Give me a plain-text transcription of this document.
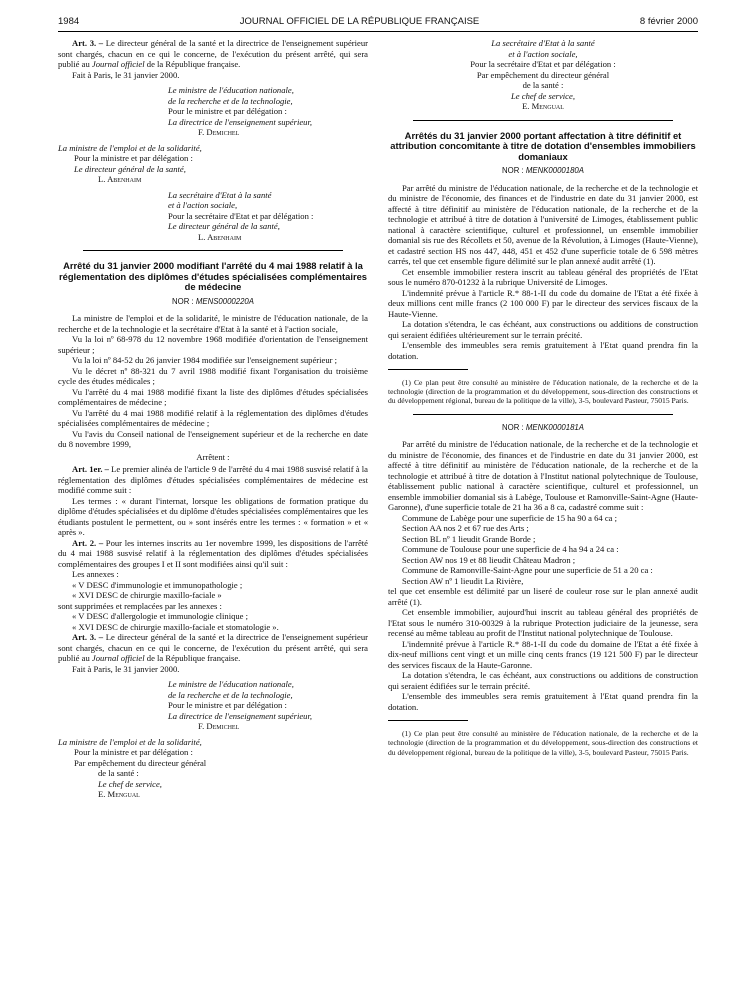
1984	JOURNAL OFFICIEL DE LA RÉPUBLIQUE FRANÇAISE	8 février 2000

Art. 3. – Le directeur général de la santé et la directrice de l'enseignement supérieur sont chargés, chacun en ce qui le concerne, de l'exécution du présent arrêté, qui sera publié au Journal officiel de la République française.

Fait à Paris, le 31 janvier 2000.

Le ministre de l'éducation nationale,

de la recherche et de la technologie,

Pour le ministre et par délégation :

La directrice de l'enseignement supérieur,

F. Demichel

La ministre de l'emploi et de la solidarité,

Pour la ministre et par délégation :

Le directeur général de la santé,

L. Abenhaim

La secrétaire d'Etat à la santé

et à l'action sociale,

Pour la secrétaire d'Etat et par délégation :

Le directeur général de la santé,

L. Abenhaim

Arrêté du 31 janvier 2000 modifiant l'arrêté du 4 mai 1988 relatif à la réglementation des diplômes d'études spécialisées complémentaires de médecine

NOR : MENS0000220A

La ministre de l'emploi et de la solidarité, le ministre de l'éducation nationale, de la recherche et de la technologie et la secrétaire d'Etat à la santé et à l'action sociale,

Vu la loi nº 68-978 du 12 novembre 1968 modifiée d'orientation de l'enseignement supérieur ;

Vu la loi nº 84-52 du 26 janvier 1984 modifiée sur l'enseignement supérieur ;

Vu le décret nº 88-321 du 7 avril 1988 modifié fixant l'organisation du troisième cycle des études médicales ;

Vu l'arrêté du 4 mai 1988 modifié fixant la liste des diplômes d'études spécialisées complémentaires de médecine ;

Vu l'arrêté du 4 mai 1988 modifié relatif à la réglementation des diplômes d'études spécialisées complémentaires de médecine ;

Vu l'avis du Conseil national de l'enseignement supérieur et de la recherche en date du 8 novembre 1999,

Arrêtent :

Art. 1er. – Le premier alinéa de l'article 9 de l'arrêté du 4 mai 1988 susvisé relatif à la réglementation des diplômes d'études spécialisées complémentaires de médecine est modifié comme suit :

Les termes : « durant l'internat, lorsque les obligations de formation pratique du diplôme d'études spécialisées et du diplôme d'études spécialisées complémentaires que les étudiants postulent le permettent, ou » sont insérés entre les termes : « formation » et « après ».

Art. 2. – Pour les internes inscrits au 1er novembre 1999, les dispositions de l'arrêté du 4 mai 1988 susvisé relatif à la réglementation des diplômes d'études spécialisées complémentaires des groupes I et II sont modifiées ainsi qu'il suit :

Les annexes :

« V DESC d'immunologie et immunopathologie ;

« XVI DESC de chirurgie maxillo-faciale »

sont supprimées et remplacées par les annexes :

« V DESC d'allergologie et immunologie clinique ;

« XVI DESC de chirurgie maxillo-faciale et stomatologie ».

Art. 3. – Le directeur général de la santé et la directrice de l'enseignement supérieur sont chargés, chacun en ce qui le concerne, de l'exécution du présent arrêté, qui sera publié au Journal officiel de la République française.

Fait à Paris, le 31 janvier 2000.

Le ministre de l'éducation nationale,

de la recherche et de la technologie,

Pour le ministre et par délégation :

La directrice de l'enseignement supérieur,

F. Demichel

La ministre de l'emploi et de la solidarité,

Pour la ministre et par délégation :

Par empêchement du directeur général

de la santé :

Le chef de service,

E. Mengual

La secrétaire d'Etat à la santé

et à l'action sociale,

Pour la secrétaire d'Etat et par délégation :

Par empêchement du directeur général

de la santé :

Le chef de service,

E. Mengual

Arrêtés du 31 janvier 2000 portant affectation à titre définitif et attribution concomitante à titre de dotation d'ensembles immobiliers domaniaux

NOR : MENK0000180A

Par arrêté du ministre de l'éducation nationale, de la recherche et de la technologie et du ministre de l'économie, des finances et de l'industrie en date du 31 janvier 2000, est affecté à titre définitif au ministère de l'éducation nationale, de la recherche et de la technologie et attribué à titre de dotation à l'université de Limoges, établissement public national à caractère scientifique, culturel et professionnel, un ensemble immobilier domanial sis rue des Récollets et 50, avenue de la Révolution, à Limoges (Haute-Vienne), et cadastré section HS nos 447, 448, 451 et 452 d'une superficie totale de 6 598 mètres carrés, tel que cet ensemble figure délimité sur le plan annexé audit arrêté (1).

Cet ensemble immobilier restera inscrit au tableau général des propriétés de l'Etat sous le numéro 870-01232 à la rubrique Université de Limoges.

L'indemnité prévue à l'article R.* 88-1-II du code du domaine de l'Etat a été fixée à deux millions cent mille francs (2 100 000 F) par le directeur des services fiscaux de la Haute-Vienne.

La dotation s'étendra, le cas échéant, aux constructions ou additions de construction qui seraient édifiées ultérieurement sur le terrain précité.

L'ensemble des immeubles sera remis gratuitement à l'Etat quand prendra fin la dotation.

(1) Ce plan peut être consulté au ministère de l'éducation nationale, de la recherche et de la technologie (direction de la programmation et du développement, sous-direction des constructions et du développement régional, bureau de la politique de la ville), 3-5, boulevard Pasteur, 75015 Paris.

NOR : MENK0000181A

Par arrêté du ministre de l'éducation nationale, de la recherche et de la technologie et du ministre de l'économie, des finances et de l'industrie en date du 31 janvier 2000, est affecté à titre définitif au ministère de l'éducation nationale, de la recherche et de la technologie et attribué à titre de dotation à l'Institut national polytechnique de Toulouse, établissement public national à caractère scientifique, culturel et professionnel, un ensemble immobilier domanial sis à Labège, Toulouse et Ramonville-Saint-Agne (Haute-Garonne), d'une superficie totale de 21 ha 36 a 8 ca, cadastré comme suit :

Commune de Labège pour une superficie de 15 ha 90 a 64 ca ;

Section AA nos 2 et 67 rue des Arts ;

Section BL nº 1 lieudit Grande Borde ;

Commune de Toulouse pour une superficie de 4 ha 94 a 24 ca :

Section AW nos 19 et 88 lieudit Château Madron ;

Commune de Ramonville-Saint-Agne pour une superficie de 51 a 20 ca :

Section AW nº 1 lieudit La Rivière,

tel que cet ensemble est délimité par un liseré de couleur rose sur le plan annexé audit arrêté (1).

Cet ensemble immobilier, aujourd'hui inscrit au tableau général des propriétés de l'Etat sous le numéro 310-00329 à la rubrique Protection judiciaire de la jeunesse, sera recensé au même tableau au profit de l'Institut national polytechnique de Toulouse.

L'indemnité prévue à l'article R.* 88-1-II du code du domaine de l'Etat a été fixée à dix-neuf millions cent vingt et un mille cinq cents francs (19 121 500 F) par le directeur des services fiscaux de la Haute-Garonne.

La dotation s'étendra, le cas échéant, aux constructions ou additions de construction qui seraient édifiées sur le terrain précité.

L'ensemble des immeubles sera remis gratuitement à l'Etat quand prendra fin la dotation.

(1) Ce plan peut être consulté au ministère de l'éducation nationale, de la recherche et de la technologie (direction de la programmation et du développement, sous-direction des constructions et du développement régional, bureau de la politique de la ville), 3-5, boulevard Pasteur, 75015 Paris.
